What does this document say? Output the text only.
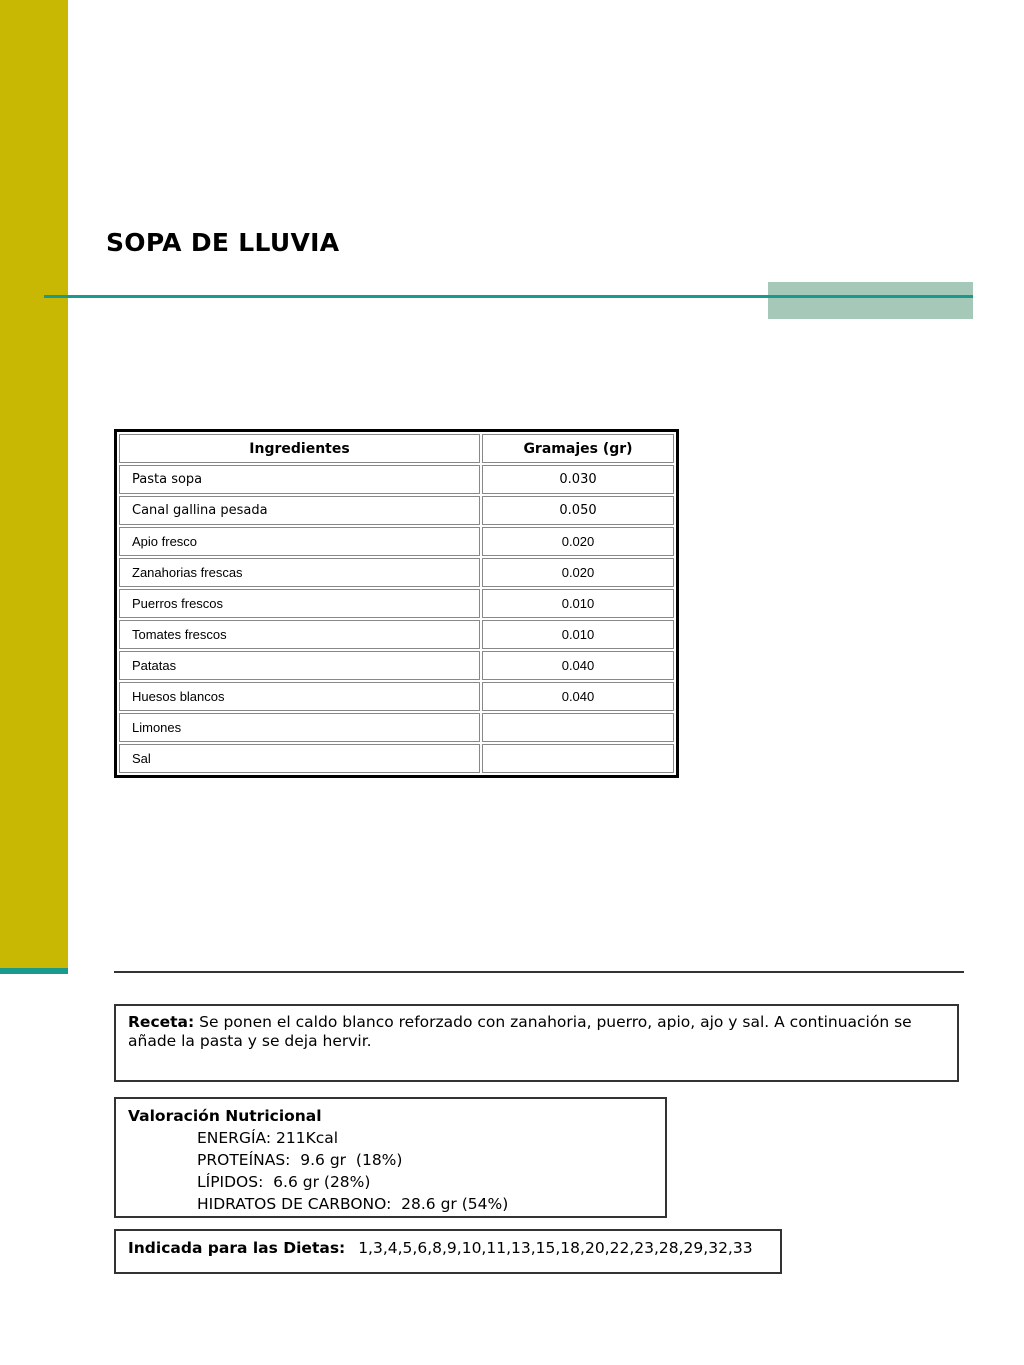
SOPA DE LLUVIA
Ingredientes	Gramajes (gr)
Pasta sopa	0.030
Canal gallina pesada	0.050
Apio fresco	0.020
Zanahorias frescas	0.020
Puerros frescos	0.010
Tomates frescos	0.010
Patatas	0.040
Huesos blancos	0.040
Limones	
Sal	
Receta: Se ponen el caldo blanco reforzado con zanahoria, puerro, apio, ajo y sal. A continuación se añade la pasta y se deja hervir.
Valoración Nutricional
ENERGÍA: 211Kcal
PROTEÍNAS:  9.6 gr  (18%)
LÍPIDOS:  6.6 gr (28%)
HIDRATOS DE CARBONO:  28.6 gr (54%)
Indicada para las Dietas: 1,3,4,5,6,8,9,10,11,13,15,18,20,22,23,28,29,32,33
